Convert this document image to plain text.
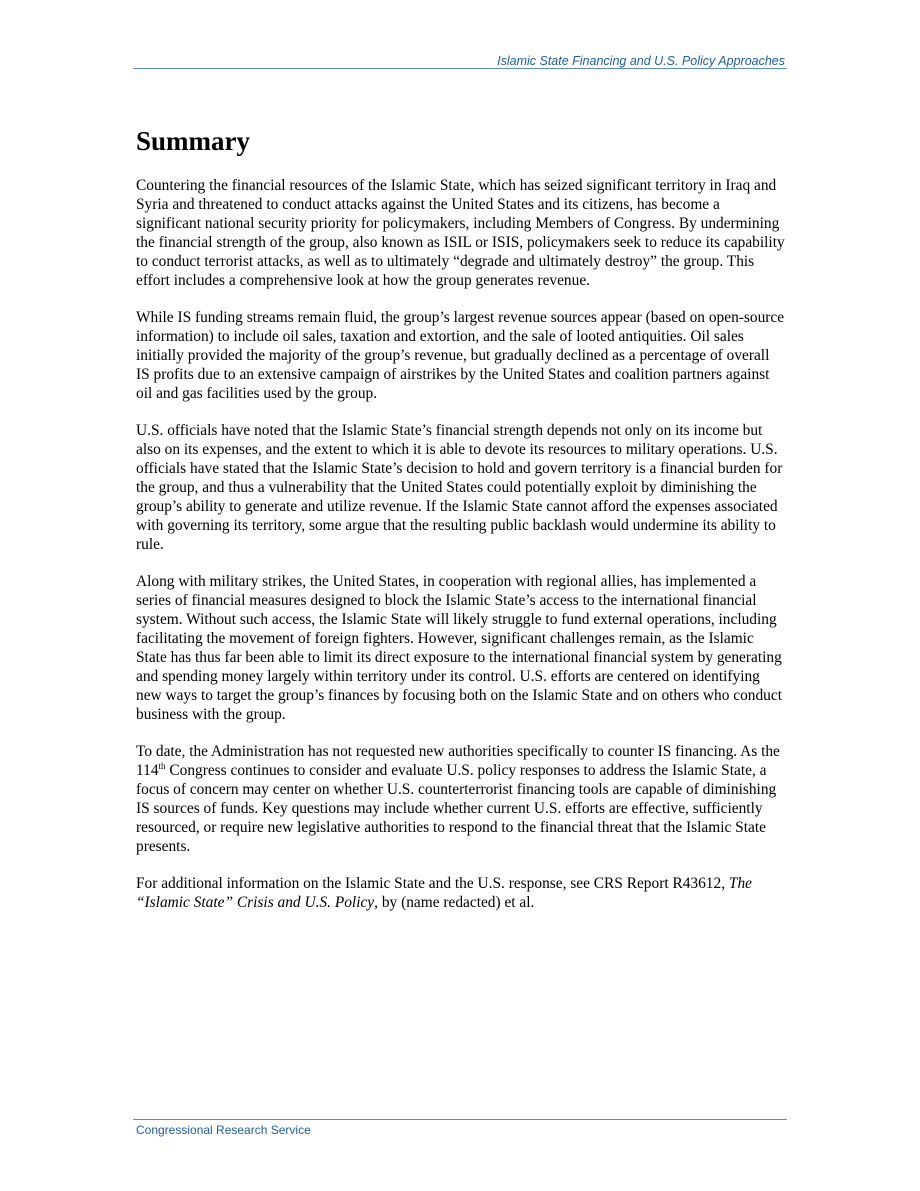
Islamic State Financing and U.S. Policy Approaches
Summary

Countering the financial resources of the Islamic State, which has seized significant territory in Iraq and Syria and threatened to conduct attacks against the United States and its citizens, has become a significant national security priority for policymakers, including Members of Congress. By undermining the financial strength of the group, also known as ISIL or ISIS, policymakers seek to reduce its capability to conduct terrorist attacks, as well as to ultimately “degrade and ultimately destroy” the group. This effort includes a comprehensive look at how the group generates revenue.

While IS funding streams remain fluid, the group’s largest revenue sources appear (based on open-source information) to include oil sales, taxation and extortion, and the sale of looted antiquities. Oil sales initially provided the majority of the group’s revenue, but gradually declined as a percentage of overall IS profits due to an extensive campaign of airstrikes by the United States and coalition partners against oil and gas facilities used by the group.

U.S. officials have noted that the Islamic State’s financial strength depends not only on its income but also on its expenses, and the extent to which it is able to devote its resources to military operations. U.S. officials have stated that the Islamic State’s decision to hold and govern territory is a financial burden for the group, and thus a vulnerability that the United States could potentially exploit by diminishing the group’s ability to generate and utilize revenue. If the Islamic State cannot afford the expenses associated with governing its territory, some argue that the resulting public backlash would undermine its ability to rule.

Along with military strikes, the United States, in cooperation with regional allies, has implemented a series of financial measures designed to block the Islamic State’s access to the international financial system. Without such access, the Islamic State will likely struggle to fund external operations, including facilitating the movement of foreign fighters. However, significant challenges remain, as the Islamic State has thus far been able to limit its direct exposure to the international financial system by generating and spending money largely within territory under its control. U.S. efforts are centered on identifying new ways to target the group’s finances by focusing both on the Islamic State and on others who conduct business with the group.

To date, the Administration has not requested new authorities specifically to counter IS financing. As the 114th Congress continues to consider and evaluate U.S. policy responses to address the Islamic State, a focus of concern may center on whether U.S. counterterrorist financing tools are capable of diminishing IS sources of funds. Key questions may include whether current U.S. efforts are effective, sufficiently resourced, or require new legislative authorities to respond to the financial threat that the Islamic State presents.

For additional information on the Islamic State and the U.S. response, see CRS Report R43612, The “Islamic State” Crisis and U.S. Policy, by (name redacted) et al.

Congressional Research Service
